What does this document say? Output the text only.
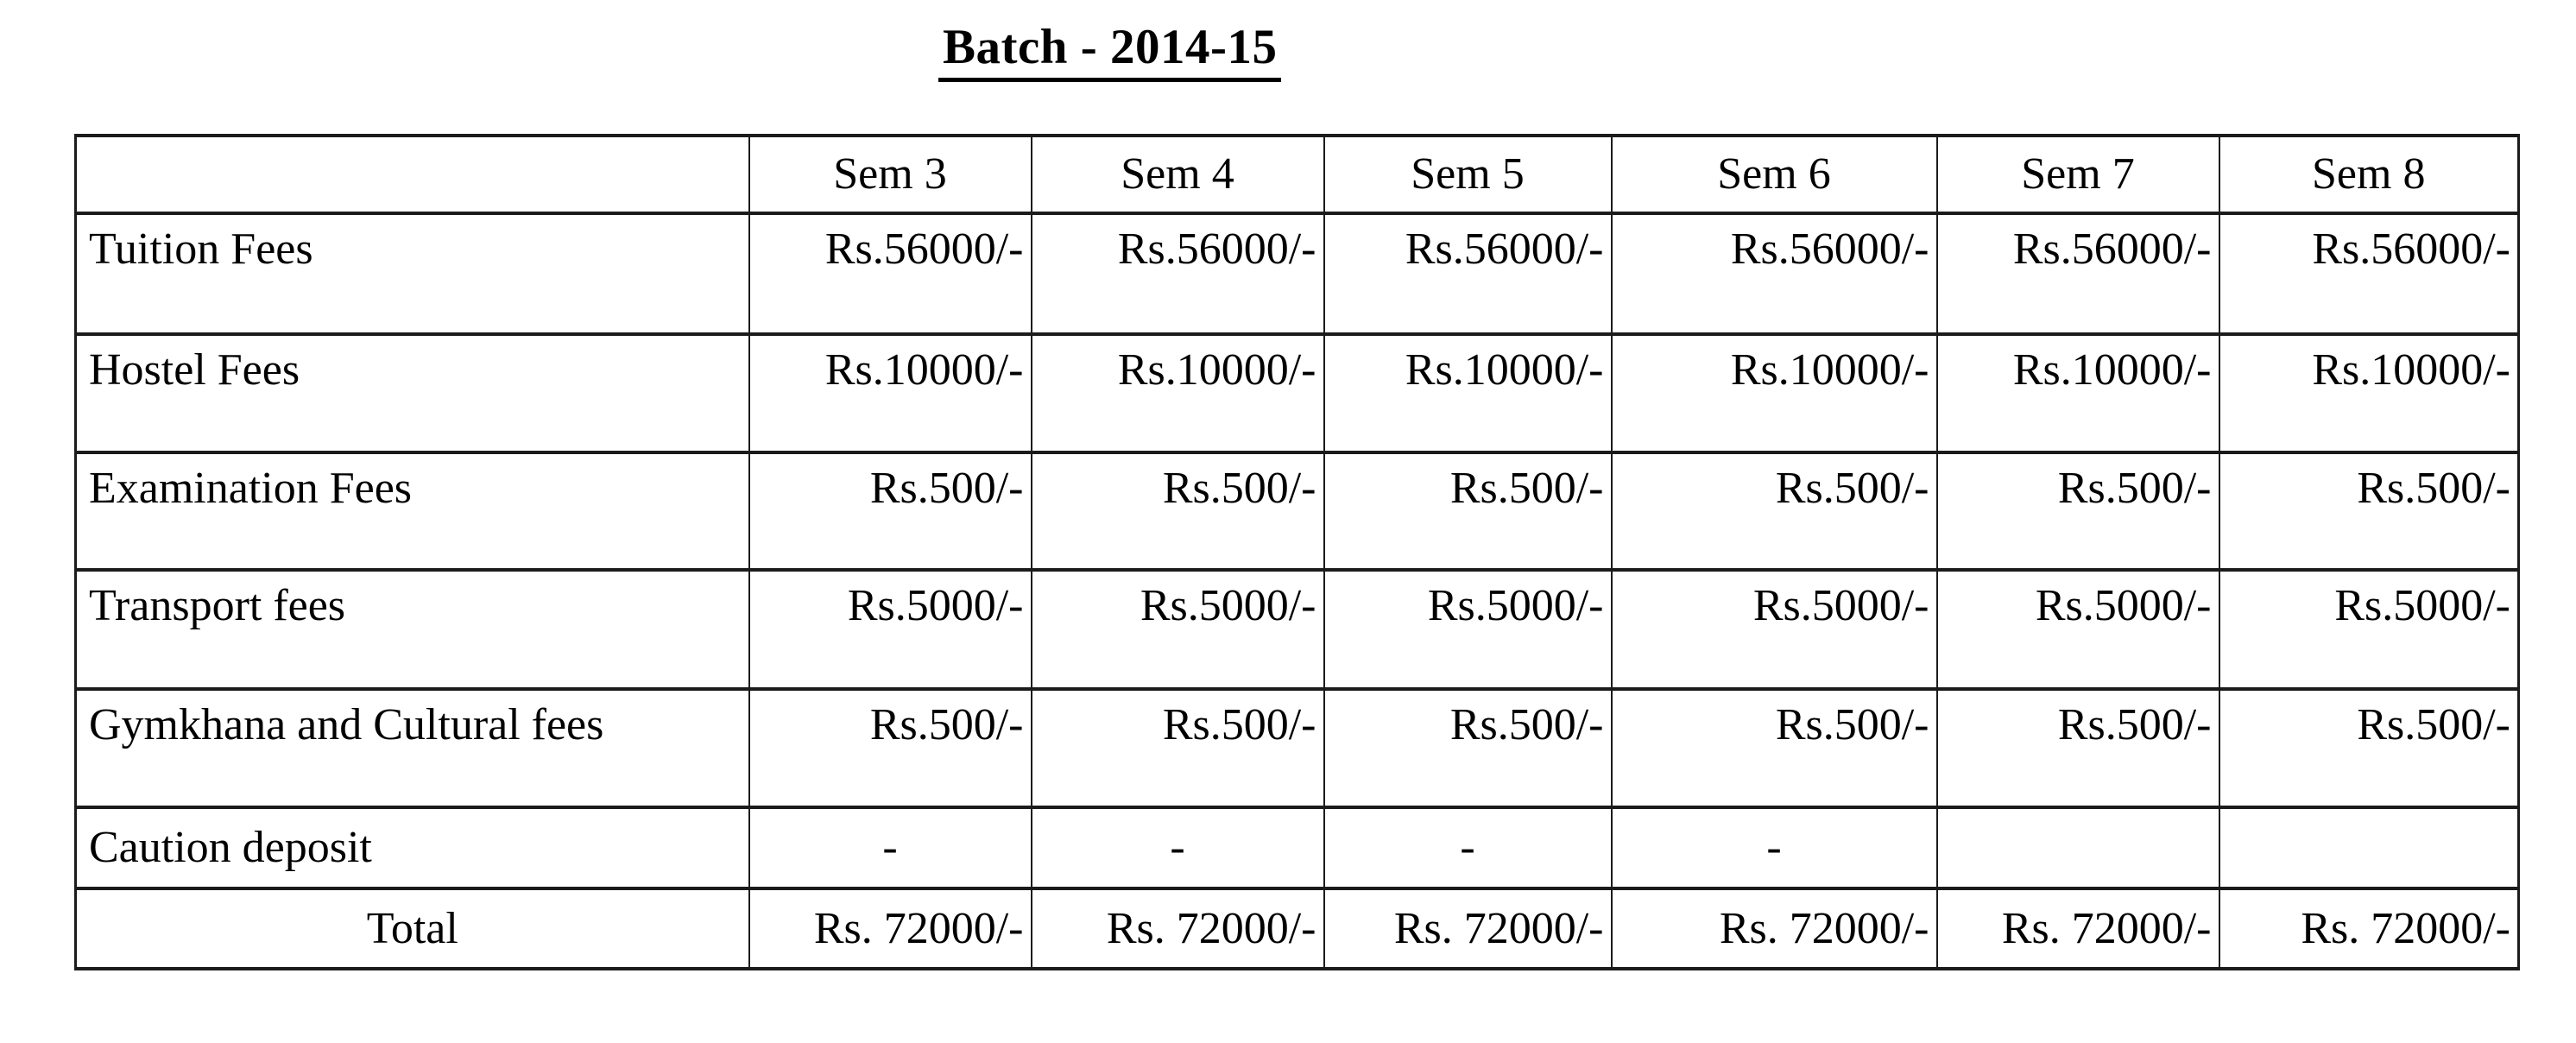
Batch - 2014-15
	Sem 3	Sem 4	Sem 5	Sem 6	Sem 7	Sem 8
Tuition Fees	Rs.56000/-	Rs.56000/-	Rs.56000/-	Rs.56000/-	Rs.56000/-	Rs.56000/-
Hostel Fees	Rs.10000/-	Rs.10000/-	Rs.10000/-	Rs.10000/-	Rs.10000/-	Rs.10000/-
Examination Fees	Rs.500/-	Rs.500/-	Rs.500/-	Rs.500/-	Rs.500/-	Rs.500/-
Transport fees	Rs.5000/-	Rs.5000/-	Rs.5000/-	Rs.5000/-	Rs.5000/-	Rs.5000/-
Gymkhana and Cultural fees	Rs.500/-	Rs.500/-	Rs.500/-	Rs.500/-	Rs.500/-	Rs.500/-
Caution deposit	-	-	-	-		
Total	Rs. 72000/-	Rs. 72000/-	Rs. 72000/-	Rs. 72000/-	Rs. 72000/-	Rs. 72000/-
